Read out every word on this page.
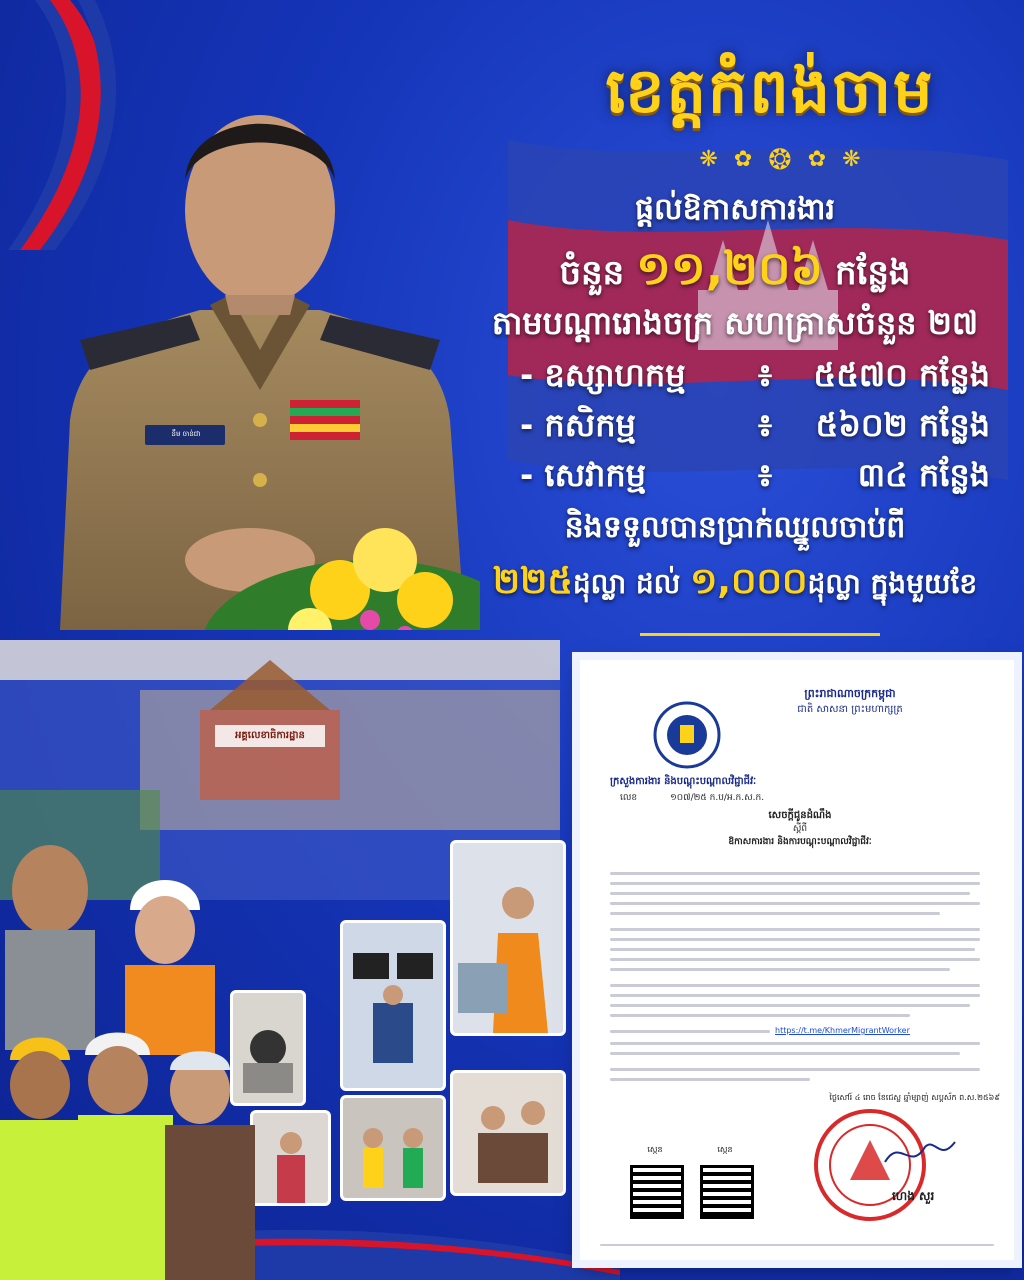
នឹម ចាន់ជា
អគ្គលេខាធិការដ្ឋាន
ខេត្តកំពង់ចាម
❋ ✿ ❂ ✿ ❋
ផ្តល់ឱកាសការងារ
ចំនួន ១១,២០៦ កន្លែង
តាមបណ្តារោងចក្រ សហគ្រាសចំនួន ២៧
- ឧស្សាហកម្ម	៖	៥៥៧០ កន្លែង
- កសិកម្ម	៖	៥៦០២ កន្លែង
- សេវាកម្ម	៖	៣៤ កន្លែង
និងទទួលបានប្រាក់ឈ្នួលចាប់ពី
២២៥ដុល្លា ដល់ ១,០០០ដុល្លា ក្នុងមួយខែ
ព្រះរាជាណាចក្រកម្ពុជា
ជាតិ សាសនា ព្រះមហាក្សត្រ
ក្រសួងការងារ និងបណ្តុះបណ្តាលវិជ្ជាជីវៈ
លេខ	១០៧/២៥ ក.ប/អ.ក.ស.ក.
សេចក្តីជូនដំណឹង
ស្តីពី
ឱកាសការងារ និងការបណ្តុះបណ្តាលវិជ្ជាជីវៈ
https://t.me/KhmerMigrantWorker
ថ្ងៃសៅរ៍ ៤ រោច ខែជេស្ឋ ឆ្នាំម្សាញ់ សប្តស័ក ព.ស.២៥៦៩
ស្កេន	ស្កេន
ហេង សួរ
